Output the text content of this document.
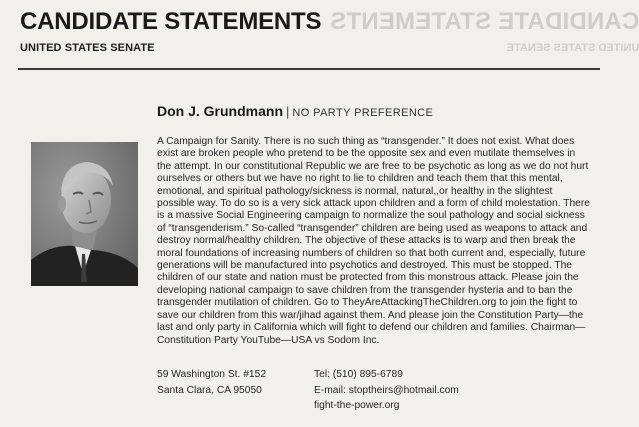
CANDIDATE STATEMENTS
UNITED STATES SENATE
CANDIDATE STATEMENTS
UNITED STATES SENATE
Don J. Grundmann | NO PARTY PREFERENCE

A Campaign for Sanity. There is no such thing as “transgender.” It does not exist. What does exist are broken people who pretend to be the opposite sex and even mutilate themselves in the attempt. In our constitutional Republic we are free to be psychotic as long as we do not hurt ourselves or others but we have no right to lie to children and teach them that this mental, emotional, and spiritual pathology/sickness is normal, natural,,or healthy in the slightest possible way. To do so is a very sick attack upon children and a form of child molestation. There is a massive Social Engineering campaign to normalize the soul pathology and social sickness of “transgenderism.” So-called “transgender” children are being used as weapons to attack and destroy normal/healthy children. The objective of these attacks is to warp and then break the moral foundations of increasing numbers of children so that both current and, especially, future generations will be manufactured into psychotics and destroyed. This must be stopped. The children of our state and nation must be protected from this monstrous attack. Please join the developing national campaign to save children from the transgender hysteria and to ban the transgender mutilation of children. Go to TheyAreAttackingTheChildren.org to join the fight to save our children from this war/jihad against them. And please join the Constitution Party—the last and only party in California which will fight to defend our children and families. Chairman—Constitution Party YouTube—USA vs Sodom Inc.

59 Washington St. #152
Santa Clara, CA 95050
Tel: (510) 895-6789
E-mail: stoptheirs@hotmail.com
fight-the-power.org
